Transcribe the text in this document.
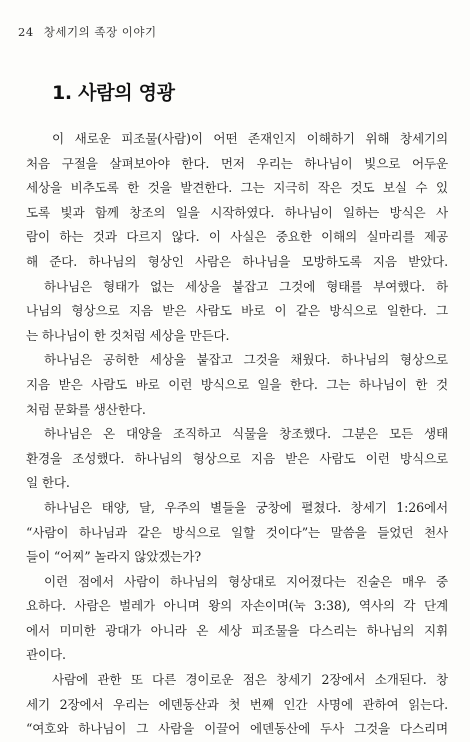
24 창세기의 족장 이야기
1. 사람의 영광
이 새로운 피조물(사람)이 어떤 존재인지 이해하기 위해 창세기의
처음 구절을 살펴보아야 한다. 먼저 우리는 하나님이 빛으로 어두운
세상을 비추도록 한 것을 발견한다. 그는 지극히 작은 것도 보실 수 있
도록 빛과 함께 창조의 일을 시작하였다. 하나님이 일하는 방식은 사
람이 하는 것과 다르지 않다. 이 사실은 중요한 이해의 실마리를 제공
해 준다. 하나님의 형상인 사람은 하나님을 모방하도록 지음 받았다.
하나님은 형태가 없는 세상을 붙잡고 그것에 형태를 부여했다. 하
나님의 형상으로 지음 받은 사람도 바로 이 같은 방식으로 일한다. 그
는 하나님이 한 것처럼 세상을 만든다.
하나님은 공허한 세상을 붙잡고 그것을 채웠다. 하나님의 형상으로
지음 받은 사람도 바로 이런 방식으로 일을 한다. 그는 하나님이 한 것
처럼 문화를 생산한다.
하나님은 온 대양을 조직하고 식물을 창조했다. 그분은 모든 생태
환경을 조성했다. 하나님의 형상으로 지음 받은 사람도 이런 방식으로
일 한다.
하나님은 태양, 달, 우주의 별들을 궁창에 펼쳤다. 창세기 1:26에서
“사람이 하나님과 같은 방식으로 일할 것이다”는 말씀을 들었던 천사
들이 “어찌” 놀라지 않았겠는가?
이런 점에서 사람이 하나님의 형상대로 지어졌다는 진술은 매우 중
요하다. 사람은 벌레가 아니며 왕의 자손이며(눅 3:38), 역사의 각 단계
에서 미미한 광대가 아니라 온 세상 피조물을 다스리는 하나님의 지휘
관이다.
사람에 관한 또 다른 경이로운 점은 창세기 2장에서 소개된다. 창
세기 2장에서 우리는 에덴동산과 첫 번째 인간 사명에 관하여 읽는다.
“여호와 하나님이 그 사람을 이끌어 에덴동산에 두사 그것을 다스리며
